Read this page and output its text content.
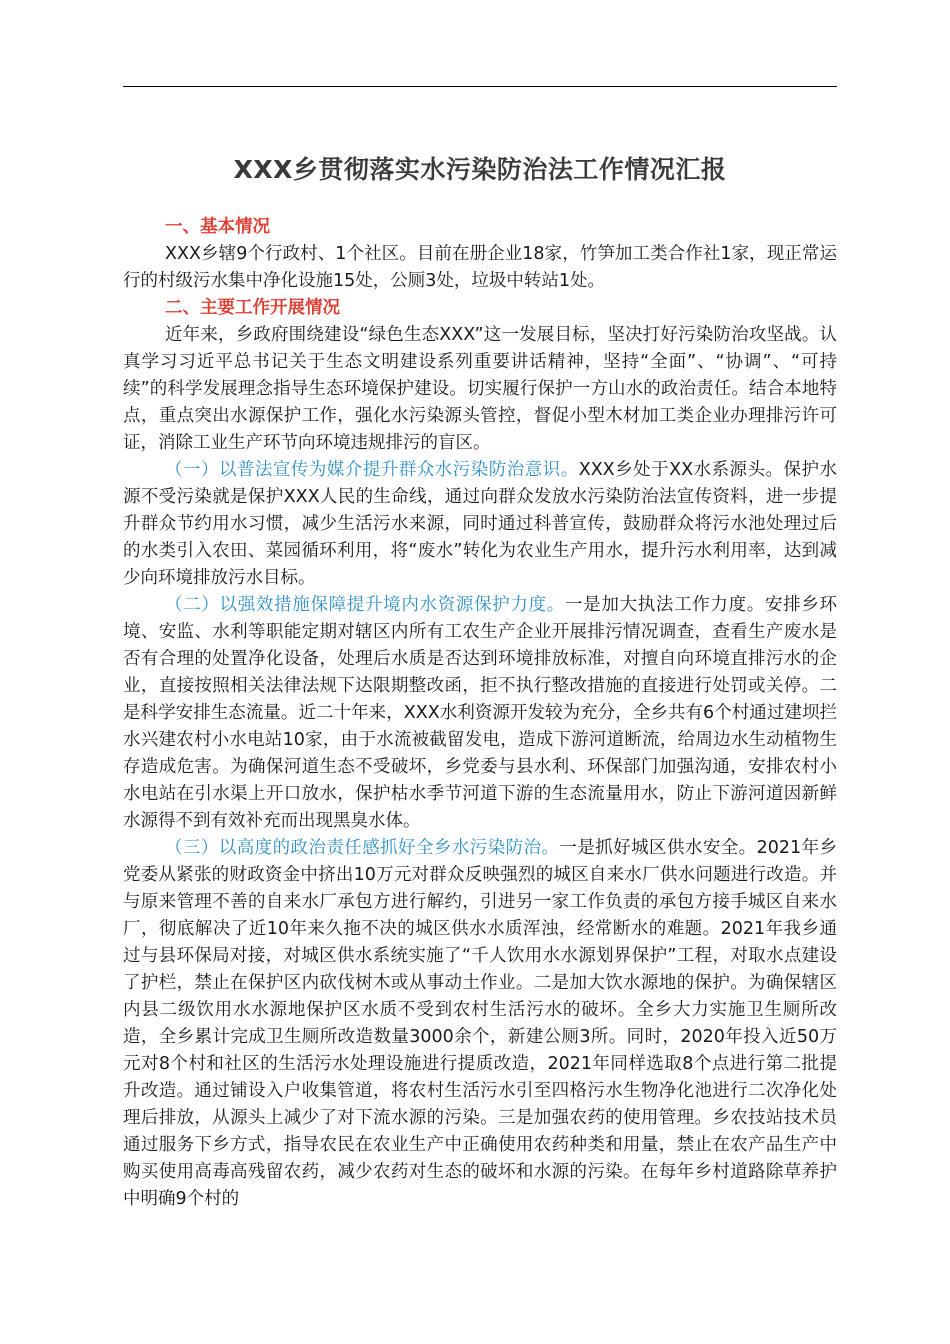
XXX乡贯彻落实水污染防治法工作情况汇报
一、基本情况

XXX乡辖9个行政村、1个社区。目前在册企业18家，竹笋加工类合作社1家，现正常运行的村级污水集中净化设施15处，公厕3处，垃圾中转站1处。

二、主要工作开展情况

近年来，乡政府围绕建设“绿色生态XXX”这一发展目标，坚决打好污染防治攻坚战。认真学习习近平总书记关于生态文明建设系列重要讲话精神，坚持“全面”、“协调”、“可持续”的科学发展理念指导生态环境保护建设。切实履行保护一方山水的政治责任。结合本地特点，重点突出水源保护工作，强化水污染源头管控，督促小型木材加工类企业办理排污许可证，消除工业生产环节向环境违规排污的盲区。

（一）以普法宣传为媒介提升群众水污染防治意识。XXX乡处于XX水系源头。保护水源不受污染就是保护XXX人民的生命线，通过向群众发放水污染防治法宣传资料，进一步提升群众节约用水习惯，减少生活污水来源，同时通过科普宣传，鼓励群众将污水池处理过后的水类引入农田、菜园循环利用，将“废水”转化为农业生产用水，提升污水利用率，达到减少向环境排放污水目标。

（二）以强效措施保障提升境内水资源保护力度。一是加大执法工作力度。安排乡环境、安监、水利等职能定期对辖区内所有工农生产企业开展排污情况调查，查看生产废水是否有合理的处置净化设备，处理后水质是否达到环境排放标准，对擅自向环境直排污水的企业，直接按照相关法律法规下达限期整改函，拒不执行整改措施的直接进行处罚或关停。二是科学安排生态流量。近二十年来，XXX水利资源开发较为充分，全乡共有6个村通过建坝拦水兴建农村小水电站10家，由于水流被截留发电，造成下游河道断流，给周边水生动植物生存造成危害。为确保河道生态不受破坏，乡党委与县水利、环保部门加强沟通，安排农村小水电站在引水渠上开口放水，保护枯水季节河道下游的生态流量用水，防止下游河道因新鲜水源得不到有效补充而出现黑臭水体。

（三）以高度的政治责任感抓好全乡水污染防治。一是抓好城区供水安全。2021年乡党委从紧张的财政资金中挤出10万元对群众反映强烈的城区自来水厂供水问题进行改造。并与原来管理不善的自来水厂承包方进行解约，引进另一家工作负责的承包方接手城区自来水厂，彻底解决了近10年来久拖不决的城区供水水质浑浊，经常断水的难题。2021年我乡通过与县环保局对接，对城区供水系统实施了“千人饮用水水源划界保护”工程，对取水点建设了护栏，禁止在保护区内砍伐树木或从事动土作业。二是加大饮水源地的保护。为确保辖区内县二级饮用水水源地保护区水质不受到农村生活污水的破坏。全乡大力实施卫生厕所改造，全乡累计完成卫生厕所改造数量3000余个，新建公厕3所。同时，2020年投入近50万元对8个村和社区的生活污水处理设施进行提质改造，2021年同样选取8个点进行第二批提升改造。通过铺设入户收集管道，将农村生活污水引至四格污水生物净化池进行二次净化处理后排放，从源头上减少了对下流水源的污染。三是加强农药的使用管理。乡农技站技术员通过服务下乡方式，指导农民在农业生产中正确使用农药种类和用量，禁止在农产品生产中购买使用高毒高残留农药，减少农药对生态的破坏和水源的污染。在每年乡村道路除草养护中明确9个村的
